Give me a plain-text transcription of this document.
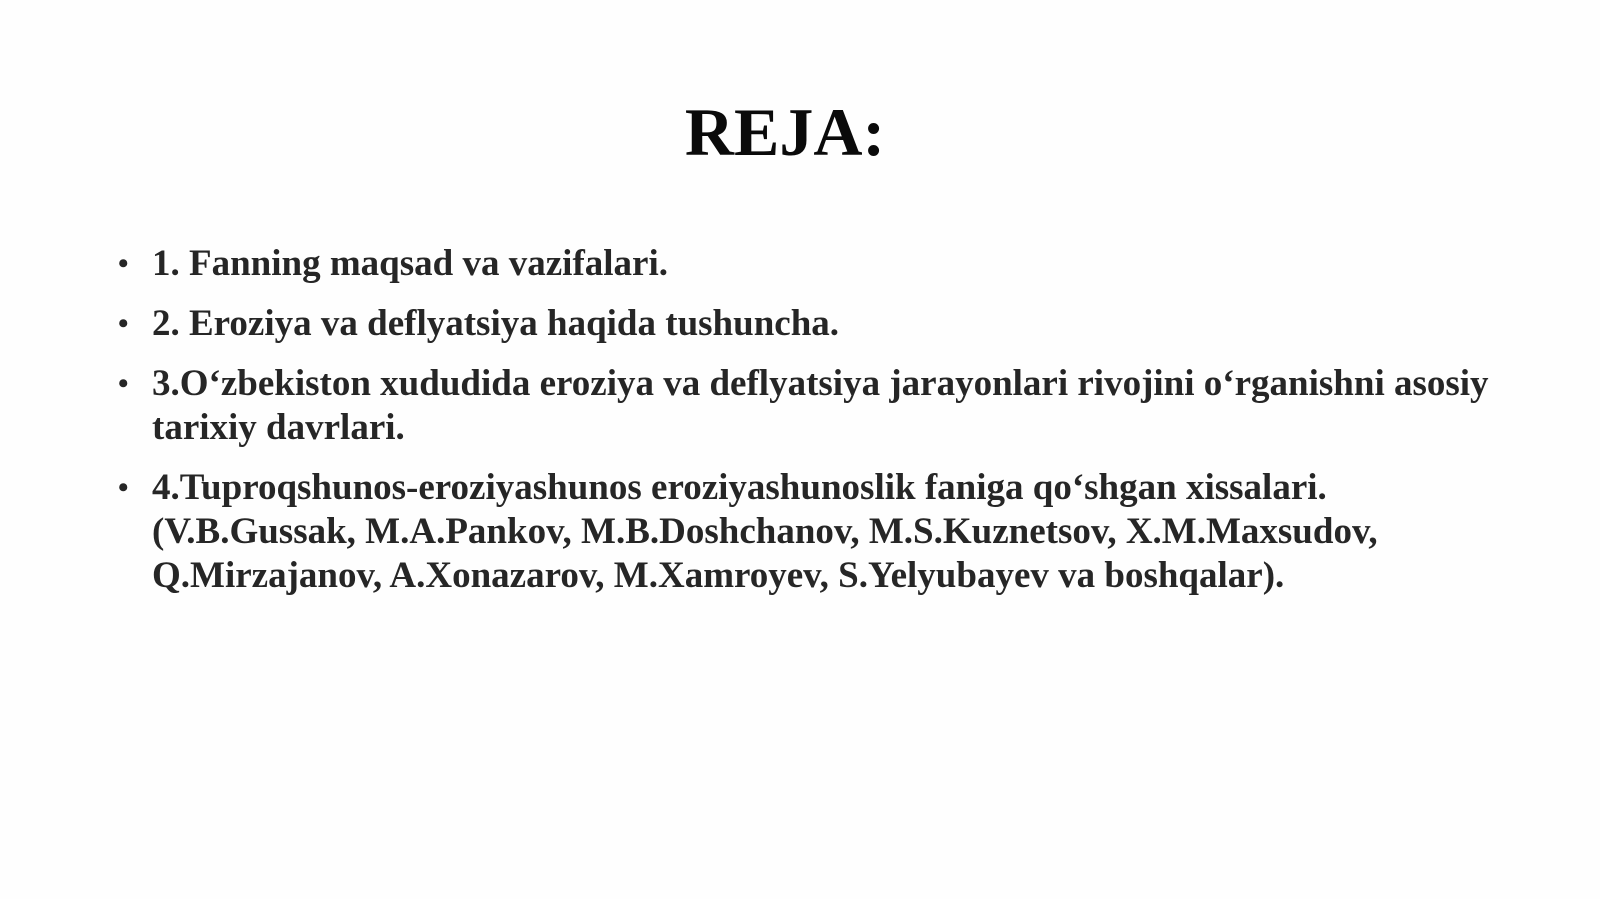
REJA:
• 1. Fanning maqsad va vazifalari.
• 2. Eroziya va deflyatsiya haqida tushuncha.
• 3.O‘zbekiston xududida eroziya va deflyatsiya jarayonlari rivojini o‘rganishni asosiy tarixiy davrlari.
• 4.Tuproqshunos-eroziyashunos eroziyashunoslik faniga qo‘shgan xissalari. (V.B.Gussak, M.A.Pankov, M.B.Doshchanov, M.S.Kuznetsov, X.M.Maxsudov, Q.Mirzajanov, A.Xonazarov, M.Xamroyev, S.Yelyubayev va boshqalar).
